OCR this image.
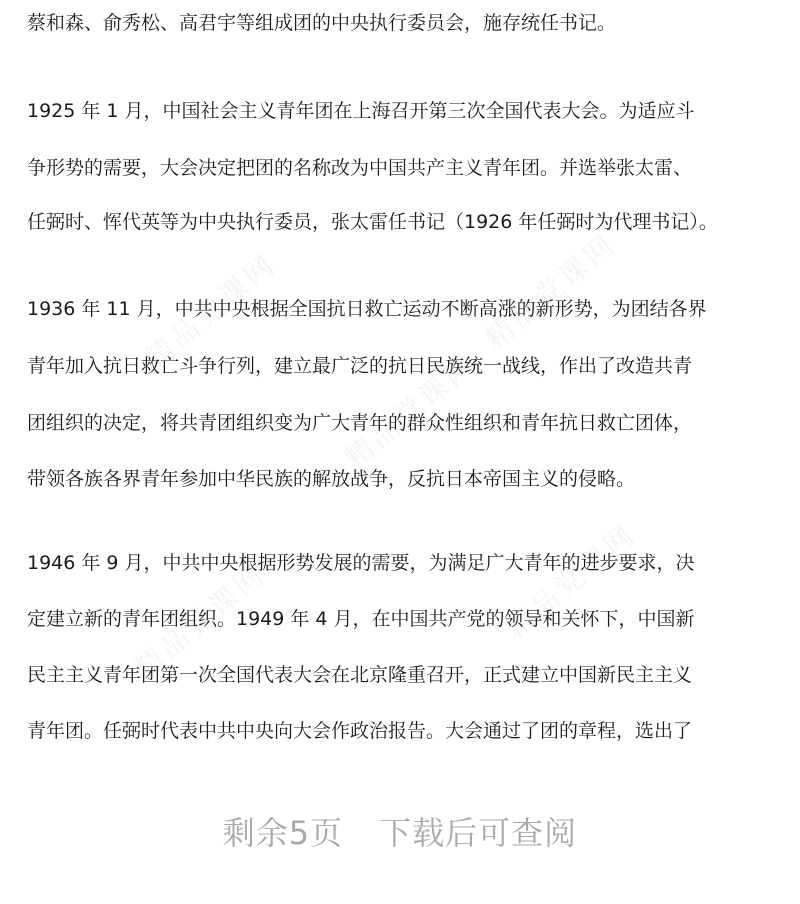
精品党课网	精品党课网
精品党课网
精品党课网	精品党课网
蔡和森、俞秀松、高君宇等组成团的中央执行委员会，施存统任书记。
1925 年 1 月，中国社会主义青年团在上海召开第三次全国代表大会。为适应斗
争形势的需要，大会决定把团的名称改为中国共产主义青年团。并选举张太雷、
任弼时、恽代英等为中央执行委员，张太雷任书记（1926 年任弼时为代理书记）。
1936 年 11 月，中共中央根据全国抗日救亡运动不断高涨的新形势，为团结各界
青年加入抗日救亡斗争行列，建立最广泛的抗日民族统一战线，作出了改造共青
团组织的决定，将共青团组织变为广大青年的群众性组织和青年抗日救亡团体，
带领各族各界青年参加中华民族的解放战争，反抗日本帝国主义的侵略。
1946 年 9 月，中共中央根据形势发展的需要，为满足广大青年的进步要求，决
定建立新的青年团组织。1949 年 4 月，在中国共产党的领导和关怀下，中国新
民主主义青年团第一次全国代表大会在北京隆重召开，正式建立中国新民主主义
青年团。任弼时代表中共中央向大会作政治报告。大会通过了团的章程，选出了
剩余5页 下载后可查阅
